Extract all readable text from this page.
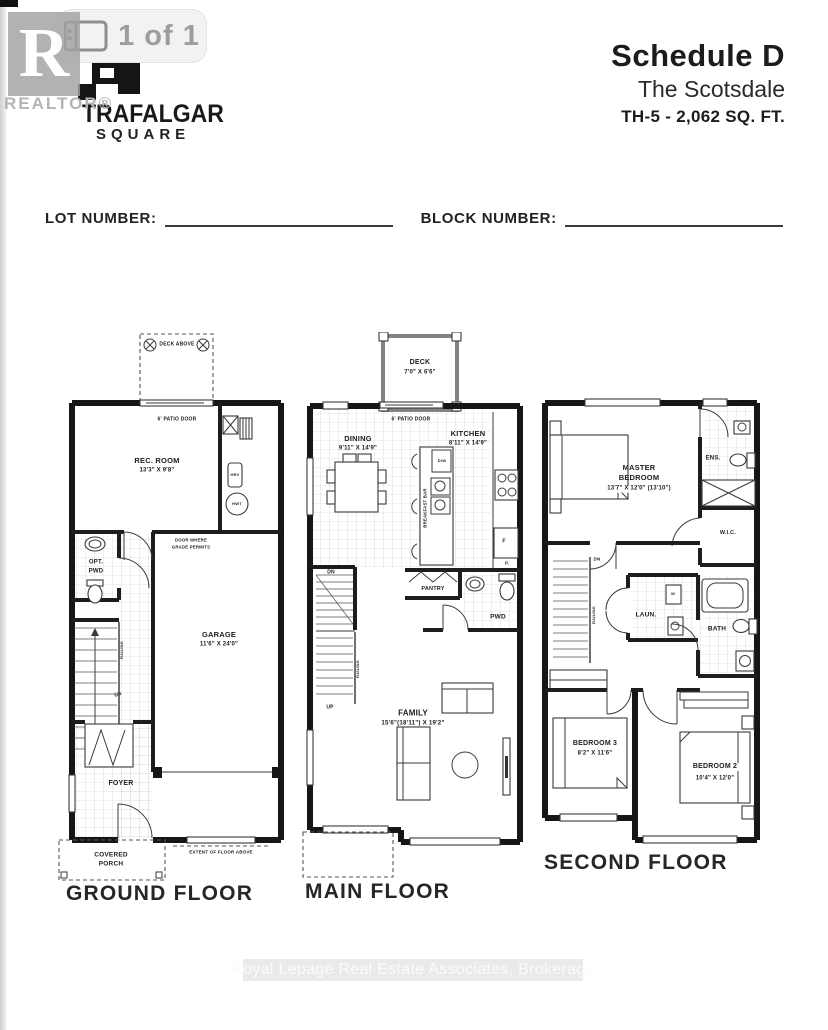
1 of 1
R
REALTOR®
TRAFALGAR
SQUARE
Schedule D
The Scotsdale
TH-5 - 2,062 SQ. FT.
LOT NUMBER:	BLOCK NUMBER:
DECK ABOVE
6' PATIO DOOR
REC. ROOM
13'3" X 9'8"
HRV
HWT
OPT.
PWD
DOOR WHERE
GRADE PERMITS
GARAGE
11'6" X 24'0"
RAILING
UP
FOYER
COVERED
PORCH
EXTENT OF FLOOR ABOVE
GROUND FLOOR
DECK
7'0" X 6'6"
6' PATIO DOOR
DINING
9'11" X 14'9"
KITCHEN
8'11" X 14'9"
D/W
BREAKFAST BAR
F
P.
PANTRY
PWD
DN
UP
RAILING
FAMILY
15'6"(18'11") X 19'2"
MAIN FLOOR
MASTER
BEDROOM
13'7" X 12'0" (13'10")
ENS.
W.I.C.
DN
RAILING	LAUN.
W
BATH
BEDROOM 3
8'2" X 11'6"
BEDROOM 2
10'4" X 12'0"
SECOND FLOOR
Royal Lepage Real Estate Associates, Brokerage
